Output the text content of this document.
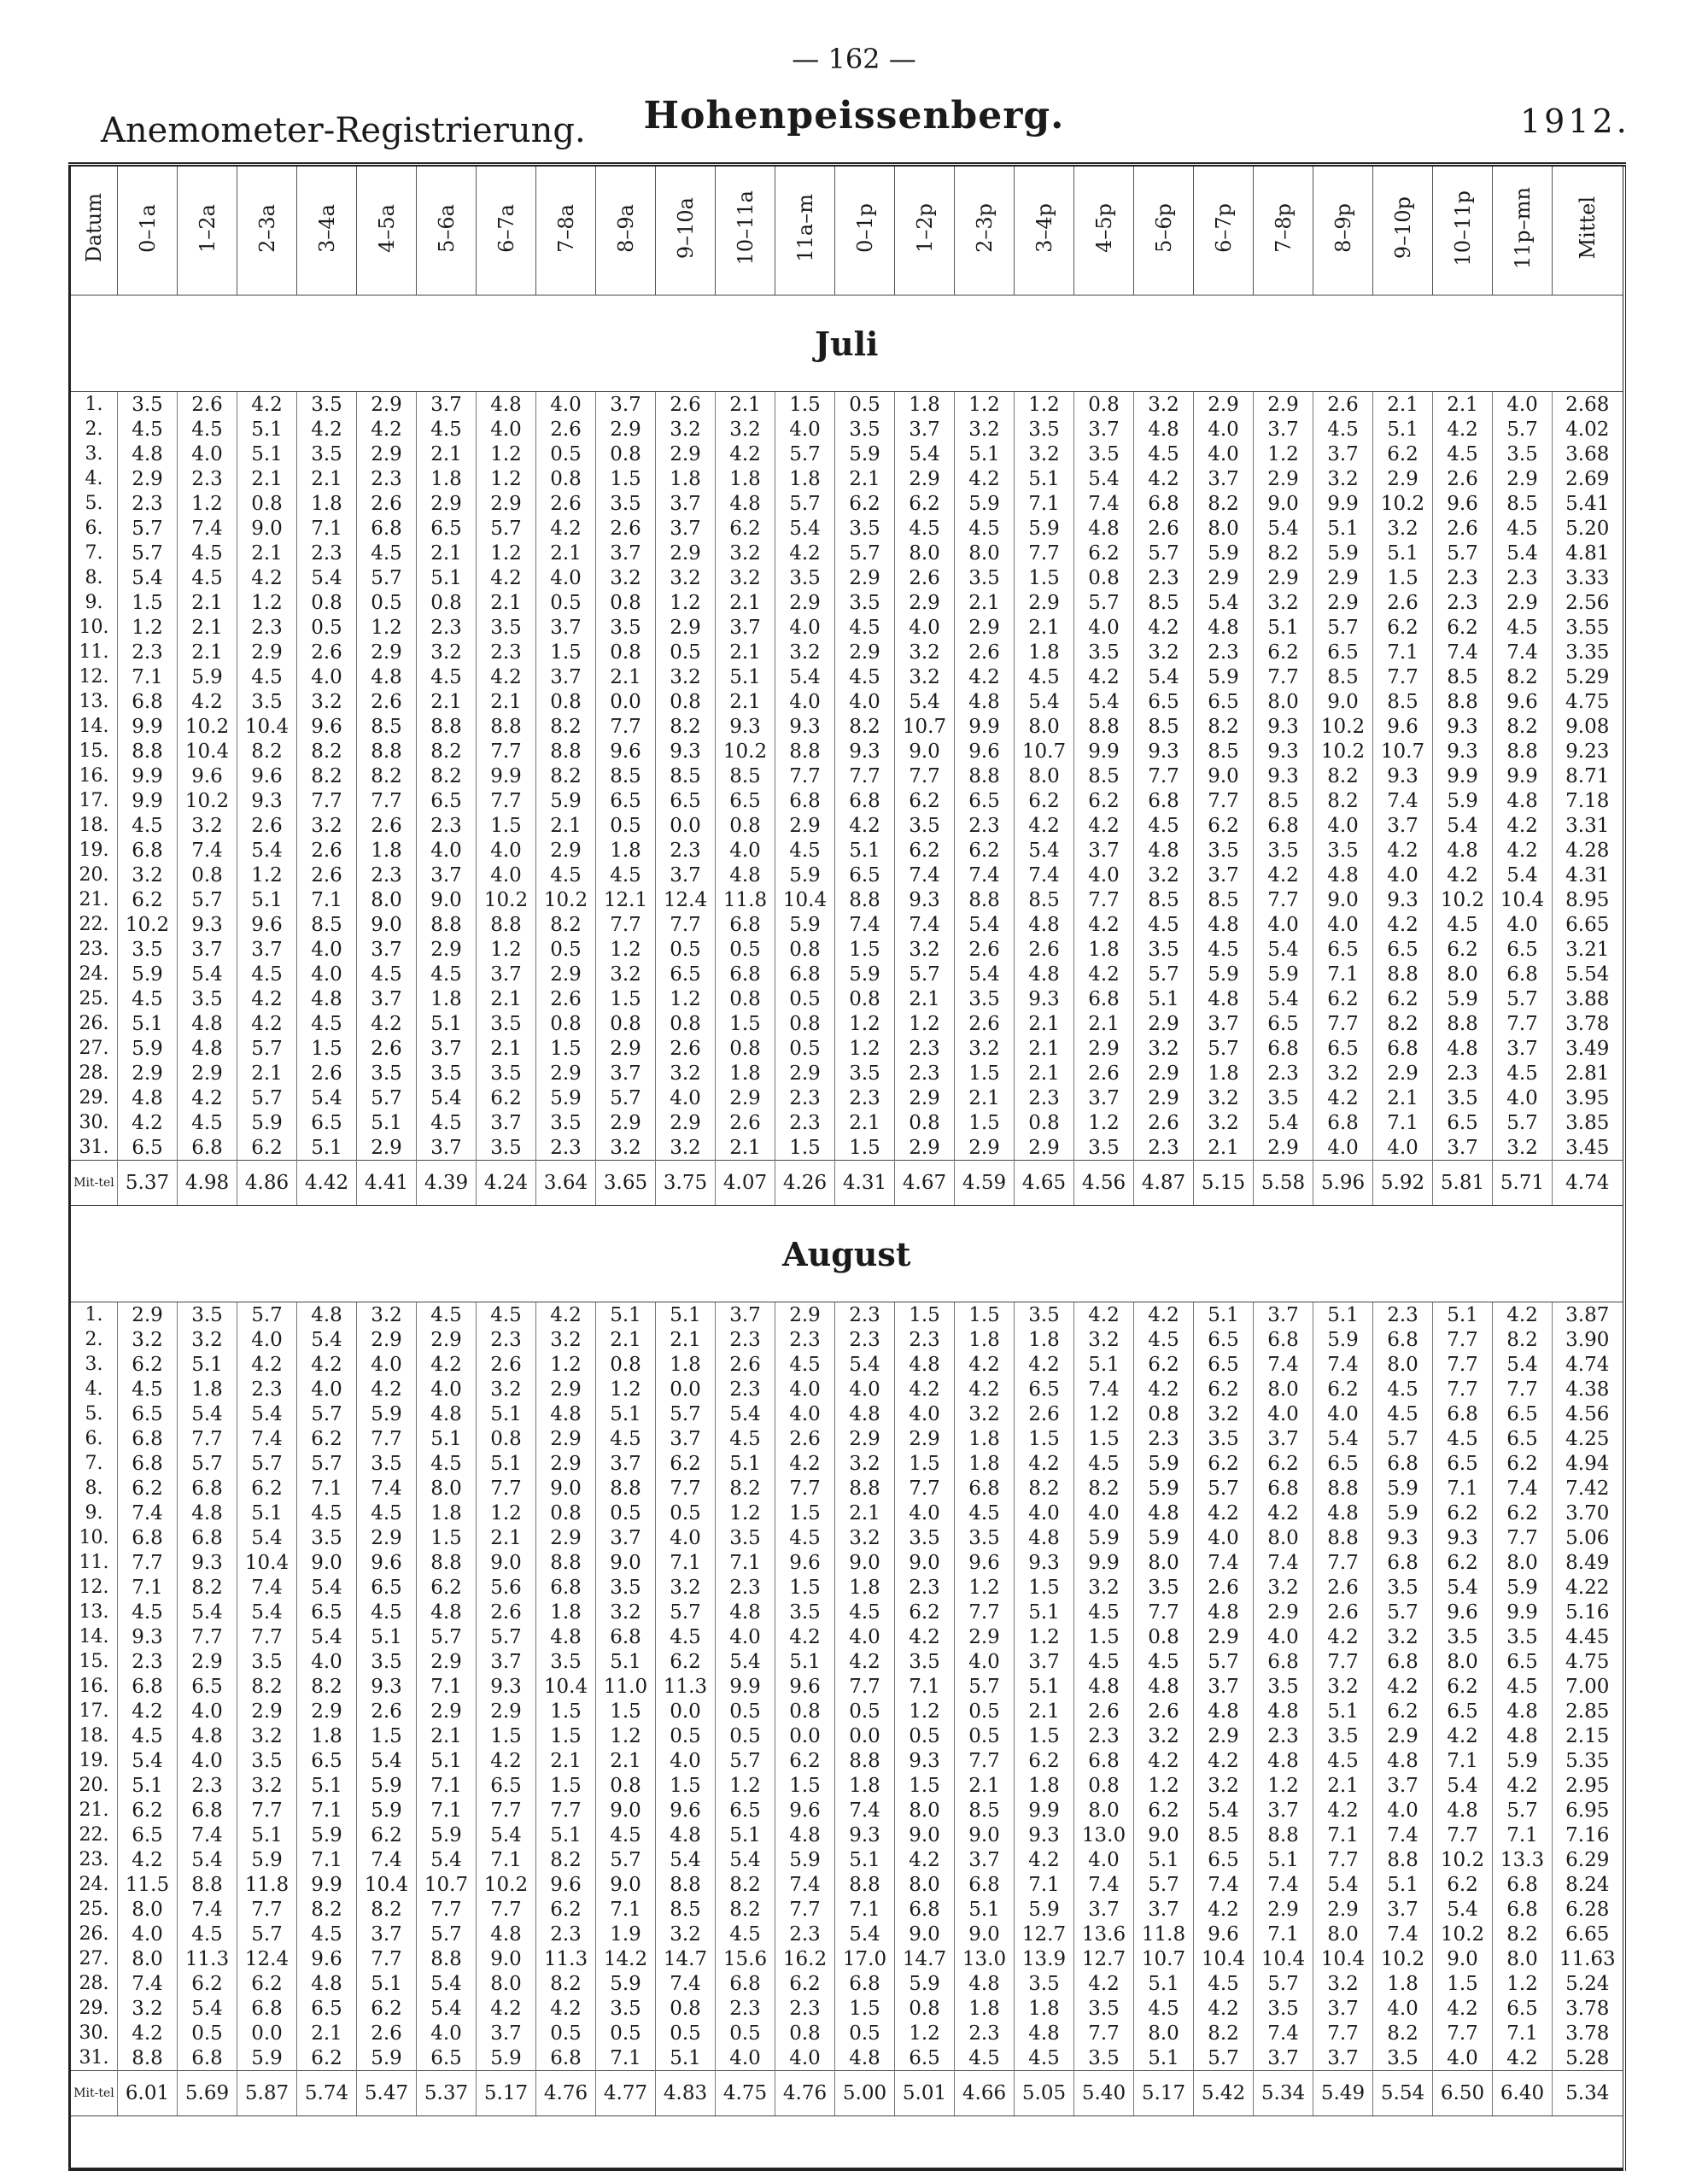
— 162 —
Anemometer-Registrierung.	Hohenpeissenberg.	1912.
Datum	0–1a	1–2a	2–3a	3–4a	4–5a	5–6a	6–7a	7–8a	8–9a	9–10a	10–11a	11a–m	0–1p	1–2p	2–3p	3–4p	4–5p	5–6p	6–7p	7–8p	8–9p	9–10p	10–11p	11p–mn	Mittel
Juli																									
1.	3.5	2.6	4.2	3.5	2.9	3.7	4.8	4.0	3.7	2.6	2.1	1.5	0.5	1.8	1.2	1.2	0.8	3.2	2.9	2.9	2.6	2.1	2.1	4.0	2.68
2.	4.5	4.5	5.1	4.2	4.2	4.5	4.0	2.6	2.9	3.2	3.2	4.0	3.5	3.7	3.2	3.5	3.7	4.8	4.0	3.7	4.5	5.1	4.2	5.7	4.02
3.	4.8	4.0	5.1	3.5	2.9	2.1	1.2	0.5	0.8	2.9	4.2	5.7	5.9	5.4	5.1	3.2	3.5	4.5	4.0	1.2	3.7	6.2	4.5	3.5	3.68
4.	2.9	2.3	2.1	2.1	2.3	1.8	1.2	0.8	1.5	1.8	1.8	1.8	2.1	2.9	4.2	5.1	5.4	4.2	3.7	2.9	3.2	2.9	2.6	2.9	2.69
5.	2.3	1.2	0.8	1.8	2.6	2.9	2.9	2.6	3.5	3.7	4.8	5.7	6.2	6.2	5.9	7.1	7.4	6.8	8.2	9.0	9.9	10.2	9.6	8.5	5.41
6.	5.7	7.4	9.0	7.1	6.8	6.5	5.7	4.2	2.6	3.7	6.2	5.4	3.5	4.5	4.5	5.9	4.8	2.6	8.0	5.4	5.1	3.2	2.6	4.5	5.20
7.	5.7	4.5	2.1	2.3	4.5	2.1	1.2	2.1	3.7	2.9	3.2	4.2	5.7	8.0	8.0	7.7	6.2	5.7	5.9	8.2	5.9	5.1	5.7	5.4	4.81
8.	5.4	4.5	4.2	5.4	5.7	5.1	4.2	4.0	3.2	3.2	3.2	3.5	2.9	2.6	3.5	1.5	0.8	2.3	2.9	2.9	2.9	1.5	2.3	2.3	3.33
9.	1.5	2.1	1.2	0.8	0.5	0.8	2.1	0.5	0.8	1.2	2.1	2.9	3.5	2.9	2.1	2.9	5.7	8.5	5.4	3.2	2.9	2.6	2.3	2.9	2.56
10.	1.2	2.1	2.3	0.5	1.2	2.3	3.5	3.7	3.5	2.9	3.7	4.0	4.5	4.0	2.9	2.1	4.0	4.2	4.8	5.1	5.7	6.2	6.2	4.5	3.55
11.	2.3	2.1	2.9	2.6	2.9	3.2	2.3	1.5	0.8	0.5	2.1	3.2	2.9	3.2	2.6	1.8	3.5	3.2	2.3	6.2	6.5	7.1	7.4	7.4	3.35
12.	7.1	5.9	4.5	4.0	4.8	4.5	4.2	3.7	2.1	3.2	5.1	5.4	4.5	3.2	4.2	4.5	4.2	5.4	5.9	7.7	8.5	7.7	8.5	8.2	5.29
13.	6.8	4.2	3.5	3.2	2.6	2.1	2.1	0.8	0.0	0.8	2.1	4.0	4.0	5.4	4.8	5.4	5.4	6.5	6.5	8.0	9.0	8.5	8.8	9.6	4.75
14.	9.9	10.2	10.4	9.6	8.5	8.8	8.8	8.2	7.7	8.2	9.3	9.3	8.2	10.7	9.9	8.0	8.8	8.5	8.2	9.3	10.2	9.6	9.3	8.2	9.08
15.	8.8	10.4	8.2	8.2	8.8	8.2	7.7	8.8	9.6	9.3	10.2	8.8	9.3	9.0	9.6	10.7	9.9	9.3	8.5	9.3	10.2	10.7	9.3	8.8	9.23
16.	9.9	9.6	9.6	8.2	8.2	8.2	9.9	8.2	8.5	8.5	8.5	7.7	7.7	7.7	8.8	8.0	8.5	7.7	9.0	9.3	8.2	9.3	9.9	9.9	8.71
17.	9.9	10.2	9.3	7.7	7.7	6.5	7.7	5.9	6.5	6.5	6.5	6.8	6.8	6.2	6.5	6.2	6.2	6.8	7.7	8.5	8.2	7.4	5.9	4.8	7.18
18.	4.5	3.2	2.6	3.2	2.6	2.3	1.5	2.1	0.5	0.0	0.8	2.9	4.2	3.5	2.3	4.2	4.2	4.5	6.2	6.8	4.0	3.7	5.4	4.2	3.31
19.	6.8	7.4	5.4	2.6	1.8	4.0	4.0	2.9	1.8	2.3	4.0	4.5	5.1	6.2	6.2	5.4	3.7	4.8	3.5	3.5	3.5	4.2	4.8	4.2	4.28
20.	3.2	0.8	1.2	2.6	2.3	3.7	4.0	4.5	4.5	3.7	4.8	5.9	6.5	7.4	7.4	7.4	4.0	3.2	3.7	4.2	4.8	4.0	4.2	5.4	4.31
21.	6.2	5.7	5.1	7.1	8.0	9.0	10.2	10.2	12.1	12.4	11.8	10.4	8.8	9.3	8.8	8.5	7.7	8.5	8.5	7.7	9.0	9.3	10.2	10.4	8.95
22.	10.2	9.3	9.6	8.5	9.0	8.8	8.8	8.2	7.7	7.7	6.8	5.9	7.4	7.4	5.4	4.8	4.2	4.5	4.8	4.0	4.0	4.2	4.5	4.0	6.65
23.	3.5	3.7	3.7	4.0	3.7	2.9	1.2	0.5	1.2	0.5	0.5	0.8	1.5	3.2	2.6	2.6	1.8	3.5	4.5	5.4	6.5	6.5	6.2	6.5	3.21
24.	5.9	5.4	4.5	4.0	4.5	4.5	3.7	2.9	3.2	6.5	6.8	6.8	5.9	5.7	5.4	4.8	4.2	5.7	5.9	5.9	7.1	8.8	8.0	6.8	5.54
25.	4.5	3.5	4.2	4.8	3.7	1.8	2.1	2.6	1.5	1.2	0.8	0.5	0.8	2.1	3.5	9.3	6.8	5.1	4.8	5.4	6.2	6.2	5.9	5.7	3.88
26.	5.1	4.8	4.2	4.5	4.2	5.1	3.5	0.8	0.8	0.8	1.5	0.8	1.2	1.2	2.6	2.1	2.1	2.9	3.7	6.5	7.7	8.2	8.8	7.7	3.78
27.	5.9	4.8	5.7	1.5	2.6	3.7	2.1	1.5	2.9	2.6	0.8	0.5	1.2	2.3	3.2	2.1	2.9	3.2	5.7	6.8	6.5	6.8	4.8	3.7	3.49
28.	2.9	2.9	2.1	2.6	3.5	3.5	3.5	2.9	3.7	3.2	1.8	2.9	3.5	2.3	1.5	2.1	2.6	2.9	1.8	2.3	3.2	2.9	2.3	4.5	2.81
29.	4.8	4.2	5.7	5.4	5.7	5.4	6.2	5.9	5.7	4.0	2.9	2.3	2.3	2.9	2.1	2.3	3.7	2.9	3.2	3.5	4.2	2.1	3.5	4.0	3.95
30.	4.2	4.5	5.9	6.5	5.1	4.5	3.7	3.5	2.9	2.9	2.6	2.3	2.1	0.8	1.5	0.8	1.2	2.6	3.2	5.4	6.8	7.1	6.5	5.7	3.85
31.	6.5	6.8	6.2	5.1	2.9	3.7	3.5	2.3	3.2	3.2	2.1	1.5	1.5	2.9	2.9	2.9	3.5	2.3	2.1	2.9	4.0	4.0	3.7	3.2	3.45
Mit-tel	5.37	4.98	4.86	4.42	4.41	4.39	4.24	3.64	3.65	3.75	4.07	4.26	4.31	4.67	4.59	4.65	4.56	4.87	5.15	5.58	5.96	5.92	5.81	5.71	4.74
August																									
1.	2.9	3.5	5.7	4.8	3.2	4.5	4.5	4.2	5.1	5.1	3.7	2.9	2.3	1.5	1.5	3.5	4.2	4.2	5.1	3.7	5.1	2.3	5.1	4.2	3.87
2.	3.2	3.2	4.0	5.4	2.9	2.9	2.3	3.2	2.1	2.1	2.3	2.3	2.3	2.3	1.8	1.8	3.2	4.5	6.5	6.8	5.9	6.8	7.7	8.2	3.90
3.	6.2	5.1	4.2	4.2	4.0	4.2	2.6	1.2	0.8	1.8	2.6	4.5	5.4	4.8	4.2	4.2	5.1	6.2	6.5	7.4	7.4	8.0	7.7	5.4	4.74
4.	4.5	1.8	2.3	4.0	4.2	4.0	3.2	2.9	1.2	0.0	2.3	4.0	4.0	4.2	4.2	6.5	7.4	4.2	6.2	8.0	6.2	4.5	7.7	7.7	4.38
5.	6.5	5.4	5.4	5.7	5.9	4.8	5.1	4.8	5.1	5.7	5.4	4.0	4.8	4.0	3.2	2.6	1.2	0.8	3.2	4.0	4.0	4.5	6.8	6.5	4.56
6.	6.8	7.7	7.4	6.2	7.7	5.1	0.8	2.9	4.5	3.7	4.5	2.6	2.9	2.9	1.8	1.5	1.5	2.3	3.5	3.7	5.4	5.7	4.5	6.5	4.25
7.	6.8	5.7	5.7	5.7	3.5	4.5	5.1	2.9	3.7	6.2	5.1	4.2	3.2	1.5	1.8	4.2	4.5	5.9	6.2	6.2	6.5	6.8	6.5	6.2	4.94
8.	6.2	6.8	6.2	7.1	7.4	8.0	7.7	9.0	8.8	7.7	8.2	7.7	8.8	7.7	6.8	8.2	8.2	5.9	5.7	6.8	8.8	5.9	7.1	7.4	7.42
9.	7.4	4.8	5.1	4.5	4.5	1.8	1.2	0.8	0.5	0.5	1.2	1.5	2.1	4.0	4.5	4.0	4.0	4.8	4.2	4.2	4.8	5.9	6.2	6.2	3.70
10.	6.8	6.8	5.4	3.5	2.9	1.5	2.1	2.9	3.7	4.0	3.5	4.5	3.2	3.5	3.5	4.8	5.9	5.9	4.0	8.0	8.8	9.3	9.3	7.7	5.06
11.	7.7	9.3	10.4	9.0	9.6	8.8	9.0	8.8	9.0	7.1	7.1	9.6	9.0	9.0	9.6	9.3	9.9	8.0	7.4	7.4	7.7	6.8	6.2	8.0	8.49
12.	7.1	8.2	7.4	5.4	6.5	6.2	5.6	6.8	3.5	3.2	2.3	1.5	1.8	2.3	1.2	1.5	3.2	3.5	2.6	3.2	2.6	3.5	5.4	5.9	4.22
13.	4.5	5.4	5.4	6.5	4.5	4.8	2.6	1.8	3.2	5.7	4.8	3.5	4.5	6.2	7.7	5.1	4.5	7.7	4.8	2.9	2.6	5.7	9.6	9.9	5.16
14.	9.3	7.7	7.7	5.4	5.1	5.7	5.7	4.8	6.8	4.5	4.0	4.2	4.0	4.2	2.9	1.2	1.5	0.8	2.9	4.0	4.2	3.2	3.5	3.5	4.45
15.	2.3	2.9	3.5	4.0	3.5	2.9	3.7	3.5	5.1	6.2	5.4	5.1	4.2	3.5	4.0	3.7	4.5	4.5	5.7	6.8	7.7	6.8	8.0	6.5	4.75
16.	6.8	6.5	8.2	8.2	9.3	7.1	9.3	10.4	11.0	11.3	9.9	9.6	7.7	7.1	5.7	5.1	4.8	4.8	3.7	3.5	3.2	4.2	6.2	4.5	7.00
17.	4.2	4.0	2.9	2.9	2.6	2.9	2.9	1.5	1.5	0.0	0.5	0.8	0.5	1.2	0.5	2.1	2.6	2.6	4.8	4.8	5.1	6.2	6.5	4.8	2.85
18.	4.5	4.8	3.2	1.8	1.5	2.1	1.5	1.5	1.2	0.5	0.5	0.0	0.0	0.5	0.5	1.5	2.3	3.2	2.9	2.3	3.5	2.9	4.2	4.8	2.15
19.	5.4	4.0	3.5	6.5	5.4	5.1	4.2	2.1	2.1	4.0	5.7	6.2	8.8	9.3	7.7	6.2	6.8	4.2	4.2	4.8	4.5	4.8	7.1	5.9	5.35
20.	5.1	2.3	3.2	5.1	5.9	7.1	6.5	1.5	0.8	1.5	1.2	1.5	1.8	1.5	2.1	1.8	0.8	1.2	3.2	1.2	2.1	3.7	5.4	4.2	2.95
21.	6.2	6.8	7.7	7.1	5.9	7.1	7.7	7.7	9.0	9.6	6.5	9.6	7.4	8.0	8.5	9.9	8.0	6.2	5.4	3.7	4.2	4.0	4.8	5.7	6.95
22.	6.5	7.4	5.1	5.9	6.2	5.9	5.4	5.1	4.5	4.8	5.1	4.8	9.3	9.0	9.0	9.3	13.0	9.0	8.5	8.8	7.1	7.4	7.7	7.1	7.16
23.	4.2	5.4	5.9	7.1	7.4	5.4	7.1	8.2	5.7	5.4	5.4	5.9	5.1	4.2	3.7	4.2	4.0	5.1	6.5	5.1	7.7	8.8	10.2	13.3	6.29
24.	11.5	8.8	11.8	9.9	10.4	10.7	10.2	9.6	9.0	8.8	8.2	7.4	8.8	8.0	6.8	7.1	7.4	5.7	7.4	7.4	5.4	5.1	6.2	6.8	8.24
25.	8.0	7.4	7.7	8.2	8.2	7.7	7.7	6.2	7.1	8.5	8.2	7.7	7.1	6.8	5.1	5.9	3.7	3.7	4.2	2.9	2.9	3.7	5.4	6.8	6.28
26.	4.0	4.5	5.7	4.5	3.7	5.7	4.8	2.3	1.9	3.2	4.5	2.3	5.4	9.0	9.0	12.7	13.6	11.8	9.6	7.1	8.0	7.4	10.2	8.2	6.65
27.	8.0	11.3	12.4	9.6	7.7	8.8	9.0	11.3	14.2	14.7	15.6	16.2	17.0	14.7	13.0	13.9	12.7	10.7	10.4	10.4	10.4	10.2	9.0	8.0	11.63
28.	7.4	6.2	6.2	4.8	5.1	5.4	8.0	8.2	5.9	7.4	6.8	6.2	6.8	5.9	4.8	3.5	4.2	5.1	4.5	5.7	3.2	1.8	1.5	1.2	5.24
29.	3.2	5.4	6.8	6.5	6.2	5.4	4.2	4.2	3.5	0.8	2.3	2.3	1.5	0.8	1.8	1.8	3.5	4.5	4.2	3.5	3.7	4.0	4.2	6.5	3.78
30.	4.2	0.5	0.0	2.1	2.6	4.0	3.7	0.5	0.5	0.5	0.5	0.8	0.5	1.2	2.3	4.8	7.7	8.0	8.2	7.4	7.7	8.2	7.7	7.1	3.78
31.	8.8	6.8	5.9	6.2	5.9	6.5	5.9	6.8	7.1	5.1	4.0	4.0	4.8	6.5	4.5	4.5	3.5	5.1	5.7	3.7	3.7	3.5	4.0	4.2	5.28
Mit-tel	6.01	5.69	5.87	5.74	5.47	5.37	5.17	4.76	4.77	4.83	4.75	4.76	5.00	5.01	4.66	5.05	5.40	5.17	5.42	5.34	5.49	5.54	6.50	6.40	5.34
